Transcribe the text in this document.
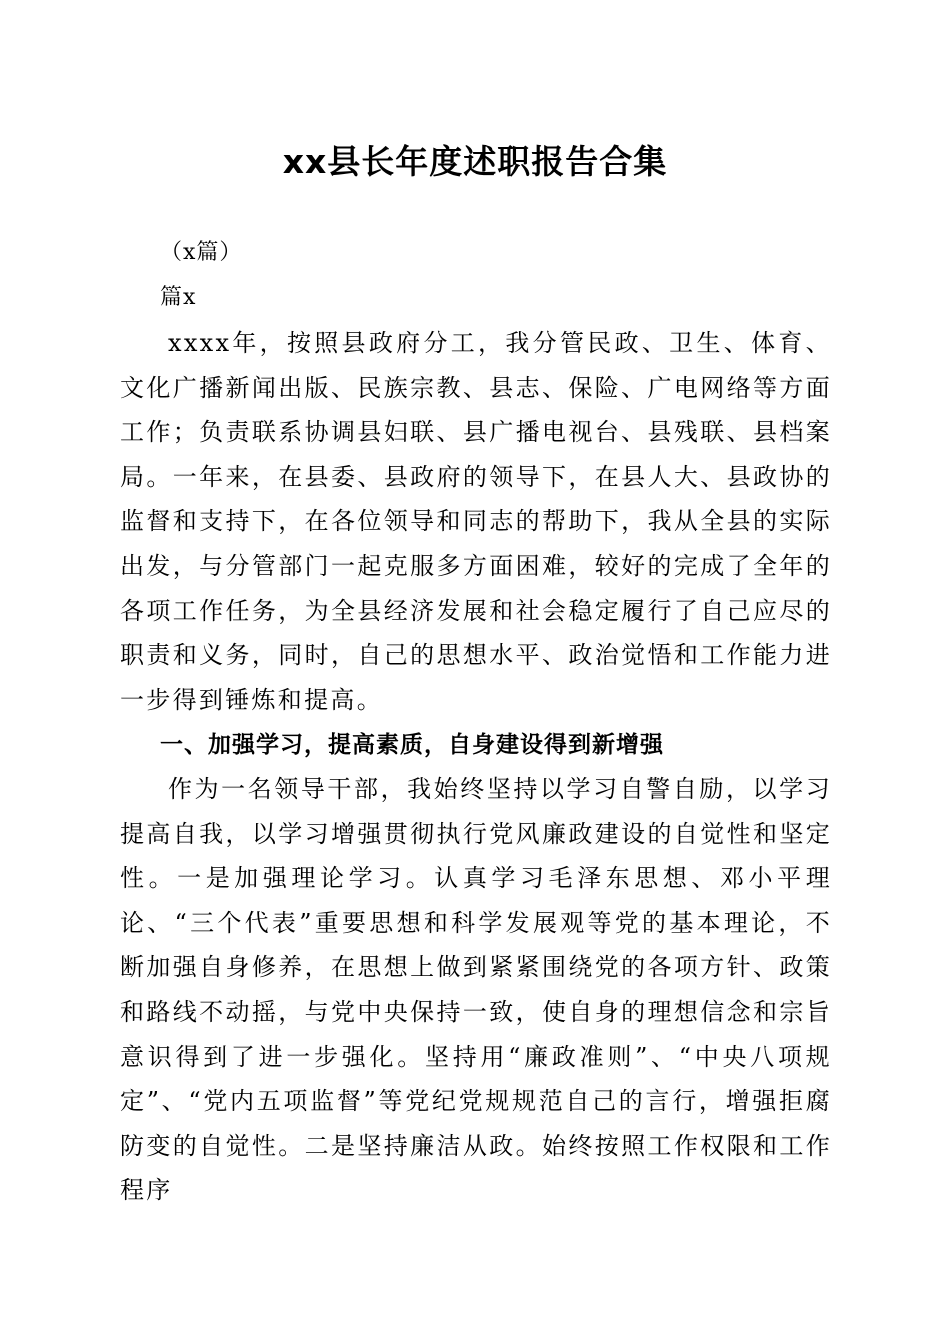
xx县长年度述职报告合集
（x篇）
篇x

xxxx年，按照县政府分工，我分管民政、卫生、体育、文化广播新闻出版、民族宗教、县志、保险、广电网络等方面工作；负责联系协调县妇联、县广播电视台、县残联、县档案局。一年来，在县委、县政府的领导下，在县人大、县政协的监督和支持下，在各位领导和同志的帮助下，我从全县的实际出发，与分管部门一起克服多方面困难，较好的完成了全年的各项工作任务，为全县经济发展和社会稳定履行了自己应尽的职责和义务，同时，自己的思想水平、政治觉悟和工作能力进一步得到锤炼和提高。

一、加强学习，提高素质，自身建设得到新增强

作为一名领导干部，我始终坚持以学习自警自励，以学习提高自我，以学习增强贯彻执行党风廉政建设的自觉性和坚定性。一是加强理论学习。认真学习毛泽东思想、邓小平理论、“三个代表”重要思想和科学发展观等党的基本理论，不断加强自身修养，在思想上做到紧紧围绕党的各项方针、政策和路线不动摇，与党中央保持一致，使自身的理想信念和宗旨意识得到了进一步强化。坚持用“廉政准则”、“中央八项规定”、“党内五项监督”等党纪党规规范自己的言行，增强拒腐防变的自觉性。二是坚持廉洁从政。始终按照工作权限和工作程序
